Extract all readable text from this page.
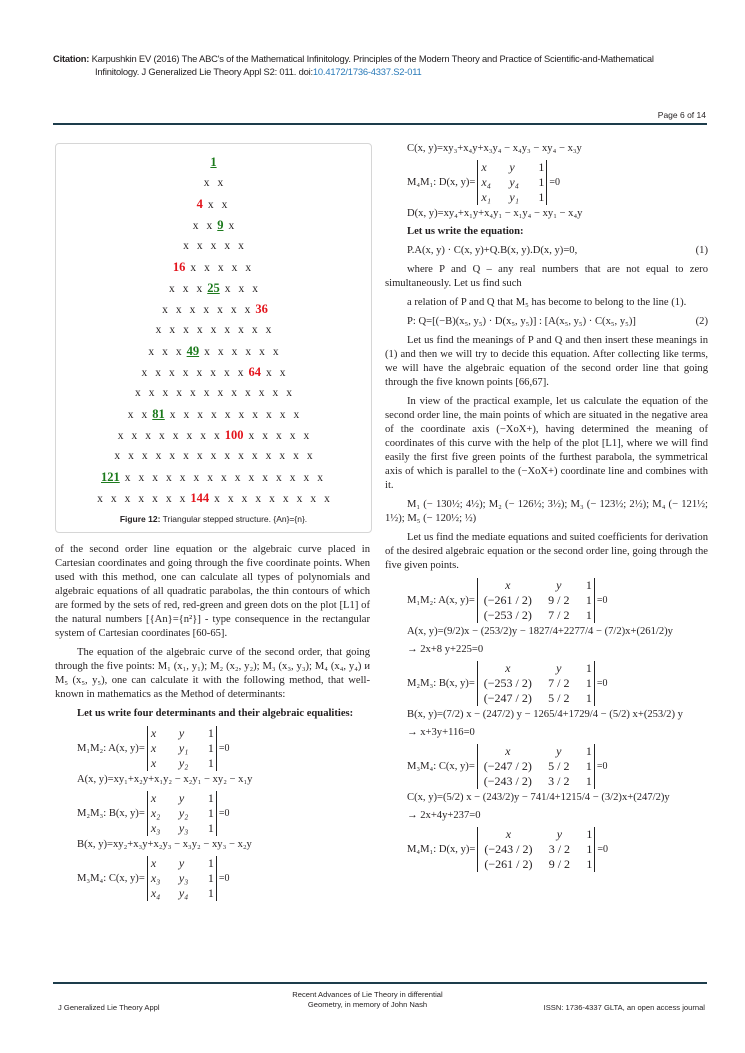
Citation: Karpushkin EV (2016) The ABC's of the Mathematical Infinitology. Principles of the Modern Theory and Practice of Scientific-and-Mathematical
Infinitology. J Generalized Lie Theory Appl S2: 011. doi:10.4172/1736-4337.S2-011
Page 6 of 14
1
x x
4 x x
x x 9 x
x x x x x
16 x x x x x
x x x 25 x x x
x x x x x x x 36
x x x x x x x x x
x x x 49 x x x x x x
x x x x x x x x 64 x x
x x x x x x x x x x x x
x x 81 x x x x x x x x x x
x x x x x x x x 100 x x x x x
x x x x x x x x x x x x x x x
121 x x x x x x x x x x x x x x x
x x x x x x x 144 x x x x x x x x x
Figure 12: Triangular stepped structure. {An}={n}.

of the second order line equation or the algebraic curve placed in Cartesian coordinates and going through the five coordinate points. When used with this method, one can calculate all types of polynomials and algebraic equations of all quadratic parabolas, the thin contours of which are formed by the sets of red, red-green and green dots on the plot [L1] of the natural numbers [{An}={n²}] - type consequence in the rectangular system of Cartesian coordinates [60-65].

The equation of the algebraic curve of the second order, that going through the five points: M₁ (x₁, y₁); M₂ (x₂, y₂); M₃ (x₃, y₃); M₄ (x₄, y₄) и M₅ (x₅, y₅), one can calculate it with the following method, that well-known in mathematics as the Method of determinants:

Let us write four determinants and their algebraic equalities:

M₁M₂: A(x, y)=
x	y	1
x	y₁	1
x	y₂	1
=0
A(x, y)=xy₁+x₂y+x₁y₂ − x₂y₁ − xy₂ − x₁y
M₂M₃: B(x, y)=
x	y	1
x₂	y₂	1
x₃	y₃	1
=0
B(x, y)=xy₂+x₃y+x₂y₃ − x₃y₂ − xy₃ − x₂y
M₃M₄: C(x, y)=
x	y	1
x₃	y₃	1
x₄	y₄	1
=0
C(x, y)=xy₃+x₄y+x₃y₄ − x₄y₃ − xy₄ − x₃y
M₄M₁: D(x, y)=
x	y	1
x₄	y₄	1
x₁	y₁	1
=0
D(x, y)=xy₄+x₁y+x₄y₁ − x₁y₄ − xy₁ − x₄y

Let us write the equation:

P.A(x, y) · C(x, y)+Q.B(x, y).D(x, y)=0,	(1)

where P and Q – any real numbers that are not equal to zero simultaneously. Let us find such

a relation of P and Q that M₅ has become to belong to the line (1).

P: Q=[(−B)(x₅, y₅) · D(x₅, y₅)] : [A(x₅, y₅) · C(x₅, y₅)]	(2)

Let us find the meanings of P and Q and then insert these meanings in (1) and then we will try to decide this equation. After collecting like terms, we will have the algebraic equation of the second order line that going through the five known points [66,67].

In view of the practical example, let us calculate the equation of the second order line, the main points of which are situated in the negative area of the coordinate axis (−XoX+), having determined the meaning of coordinates of this curve with the help of the plot [L1], where we will find easily the first five green points of the furthest parabola, the symmetrical axis of which is parallel to the (−XoX+) coordinate line and combines with it.

M₁ (− 130½; 4½); M₂ (− 126½; 3½); M₃ (− 123½; 2½); M₄ (− 121½; 1½); M₅ (− 120½; ½)

Let us find the mediate equations and suited coefficients for derivation of the desired algebraic equation or the second order line, going through the five given points.

M₁M₂: A(x, y)=
x	y	1
(−261 / 2)	9 / 2	1
(−253 / 2)	7 / 2	1
=0
A(x, y)=(9/2)x − (253/2)y − 1827/4+2277/4 − (7/2)x+(261/2)y
→ 2x+8 y+225=0
M₂M₃: B(x, y)=
x	y	1
(−253 / 2)	7 / 2	1
(−247 / 2)	5 / 2	1
=0
B(x, y)=(7/2) x − (247/2) y − 1265/4+1729/4 − (5/2) x+(253/2) y
→ x+3y+116=0
M₃M₄: C(x, y)=
x	y	1
(−247 / 2)	5 / 2	1
(−243 / 2)	3 / 2	1
=0
C(x, y)=(5/2) x − (243/2)y − 741/4+1215/4 − (3/2)x+(247/2)y
→ 2x+4y+237=0
M₄M₁: D(x, y)=
x	y	1
(−243 / 2)	3 / 2	1
(−261 / 2)	9 / 2	1
=0
J Generalized Lie Theory Appl
Recent Advances of Lie Theory in differential Geometry, in memory of John Nash	ISSN: 1736-4337 GLTA, an open access journal
